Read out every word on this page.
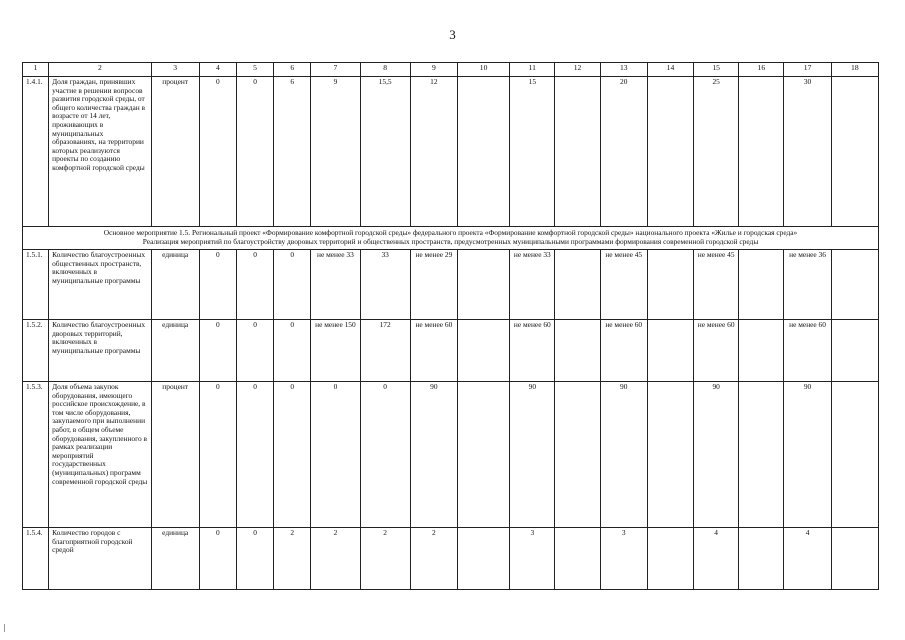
3
1	2	3	4	5	6	7	8	9	10	11	12	13	14	15	16	17	18
1.4.1.	Доля граждан, принявших участие в решении вопросов развития городской среды, от общего количества граждан в возрасте от 14 лет, проживающих в муниципальных образованиях, на территории которых реализуются проекты по созданию комфортной городской среды	процент	0	0	6	9	15,5	12		15		20		25		30	

Основное мероприятие 1.5. Региональный проект «Формирование комфортной городской среды» федерального проекта «Формирование комфортной городской среды» национального проекта «Жилье и городская среда»
Реализация мероприятий по благоустройству дворовых территорий и общественных пространств, предусмотренных муниципальными программами формирования современной городской среды																	

1.5.1.	Количество благоустроенных общественных пространств, включенных в муниципальные программы	единица	0	0	0	не менее 33	33	не менее 29		не менее 33		не менее 45		не менее 45		не менее 36	
1.5.2.	Количество благоустроенных дворовых территорий, включенных в муниципальные программы	единица	0	0	0	не менее 150	172	не менее 60		не менее 60		не менее 60		не менее 60		не менее 60	
1.5.3.	Доля объема закупок оборудования, имеющего российское происхождение, в том числе оборудования, закупаемого при выполнении работ, в общем объеме оборудования, закупленного в рамках реализации мероприятий государственных (муниципальных) программ современной городской среды	процент	0	0	0	0	0	90		90		90		90		90	
1.5.4.	Количество городов с благоприятной городской средой	единица	0	0	2	2	2	2		3		3		4		4	
